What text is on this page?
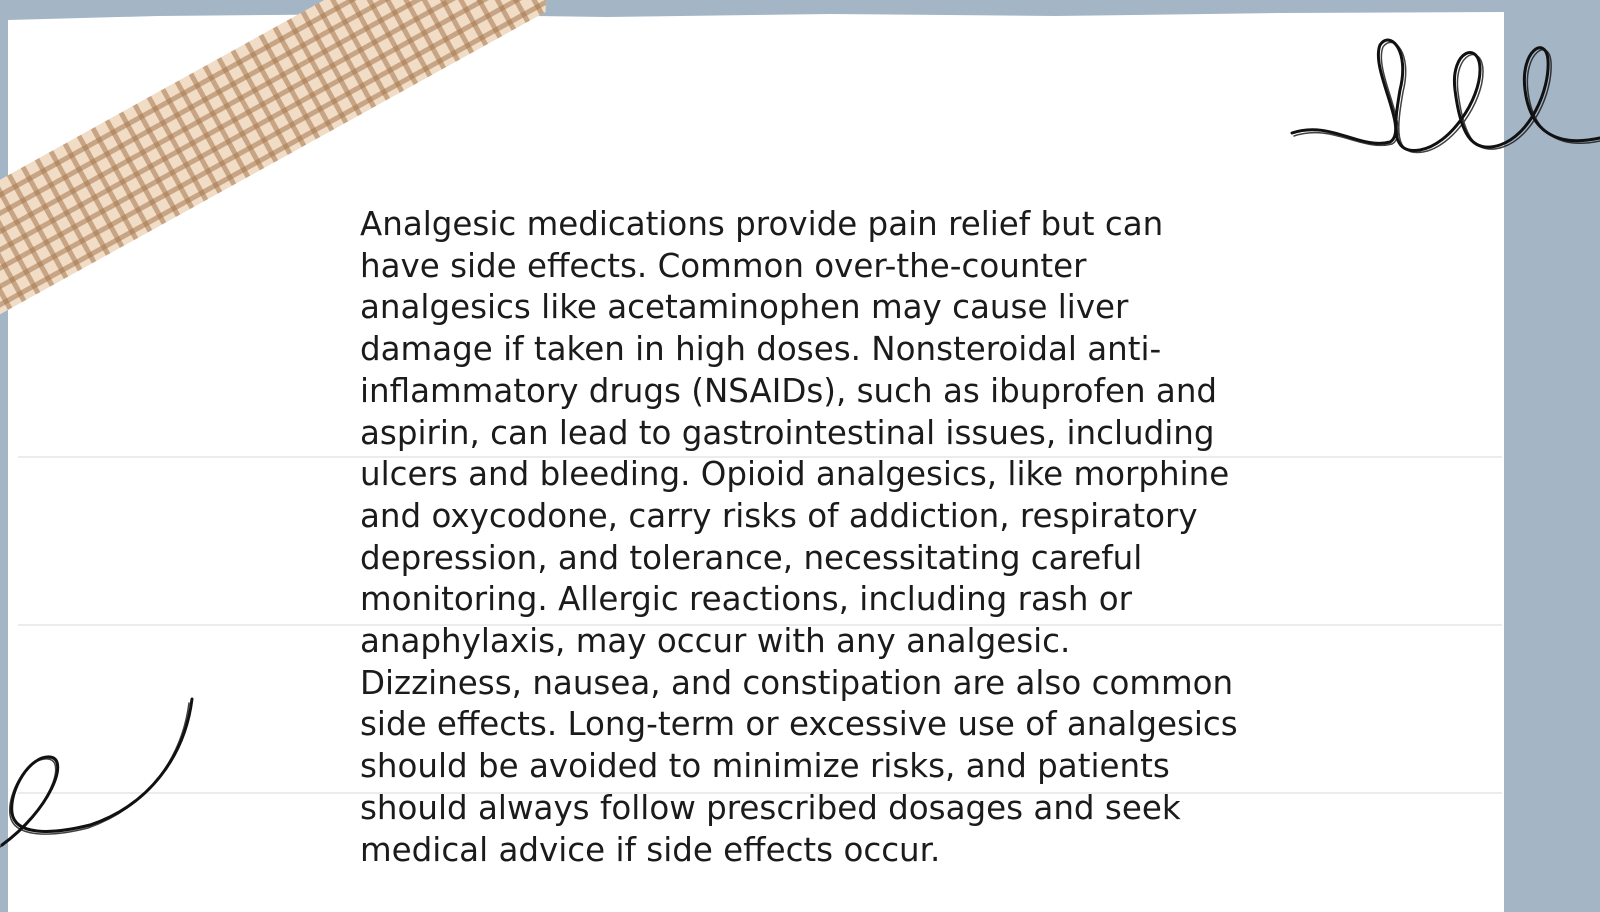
Analgesic medications provide pain relief but can have side effects. Common over-the-counter analgesics like acetaminophen may cause liver damage if taken in high doses. Nonsteroidal anti-inflammatory drugs (NSAIDs), such as ibuprofen and aspirin, can lead to gastrointestinal issues, including ulcers and bleeding. Opioid analgesics, like morphine and oxycodone, carry risks of addiction, respiratory depression, and tolerance, necessitating careful monitoring. Allergic reactions, including rash or anaphylaxis, may occur with any analgesic. Dizziness, nausea, and constipation are also common side effects. Long-term or excessive use of analgesics should be avoided to minimize risks, and patients should always follow prescribed dosages and seek medical advice if side effects occur.
